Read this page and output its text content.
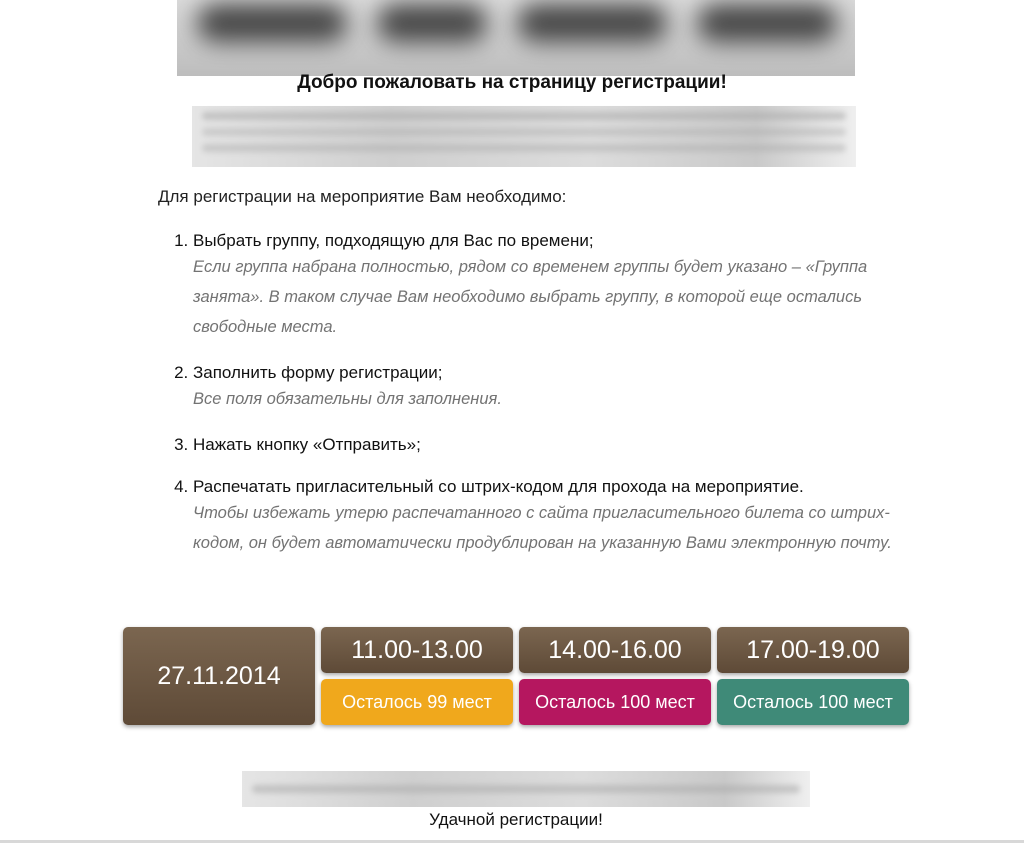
Добро пожаловать на страницу регистрации!
Для регистрации на мероприятие Вам необходимо:
1. Выбрать группу, подходящую для Вас по времени;
Если группа набрана полностью, рядом со временем группы будет указано – «Группа занята». В таком случае Вам необходимо выбрать группу, в которой еще остались свободные места.
2. Заполнить форму регистрации;
Все поля обязательны для заполнения.
3. Нажать кнопку «Отправить»;
4. Распечатать пригласительный со штрих-кодом для прохода на мероприятие.
Чтобы избежать утерю распечатанного с сайта пригласительного билета со штрих-кодом, он будет автоматически продублирован на указанную Вами электронную почту.
27.11.2014
11.00-13.00
Осталось 99 мест
14.00-16.00
Осталось 100 мест
17.00-19.00
Осталось 100 мест
Удачной регистрации!
